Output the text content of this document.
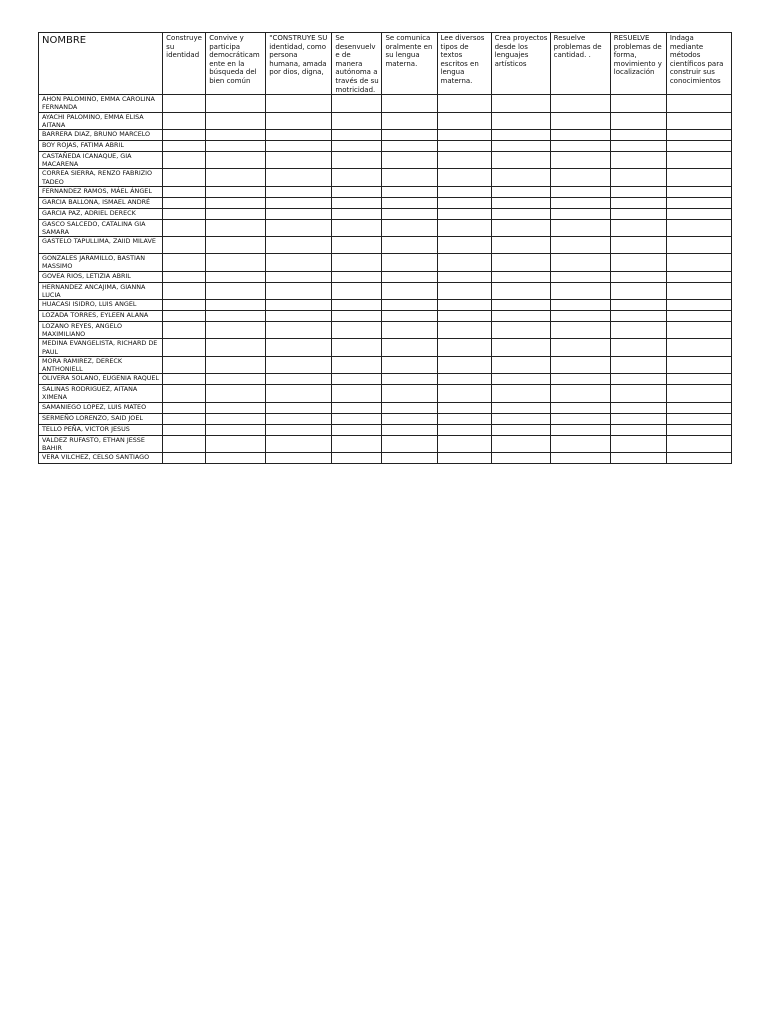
NOMBRE	Construye su identidad	Convive y participa democráticamente en la búsqueda del bien común	"CONSTRUYE SU identidad, como persona humana, amada por dios, digna,	Se desenvuelve de manera autónoma a través de su motricidad.	Se comunica oralmente en su lengua materna.	Lee diversos tipos de textos escritos en lengua materna.	Crea proyectos desde los lenguajes artísticos	Resuelve problemas de cantidad. .	RESUELVE problemas de forma, movimiento y localización	Indaga mediante métodos científicos para construir sus conocimientos

AHON PALOMINO, EMMA CAROLINA FERNANDA										
AYACHI PALOMINO, EMMA ELISA AITANA										
BARRERA DIAZ, BRUNO MARCELO										
BOY ROJAS, FATIMA ABRIL										
CASTAÑEDA ICANAQUE, GIA MACARENA										
CORREA SIERRA, RENZO FABRIZIO TADEO										
FERNANDEZ RAMOS, MÁEL ÁNGEL										
GARCIA BALLONA, ISMAEL ANDRÉ										
GARCIA PAZ, ADRIEL DERECK										
GASCO SALCEDO, CATALINA GIA SAMARA										
GASTELO TAPULLIMA, ZAIID MILAVE										
GONZALES JARAMILLO, BASTIAN MASSIMO										
GOVEA RIOS, LETIZIA ABRIL										
HERNANDEZ ANCAJIMA, GIANNA LUCIA										
HUACASI ISIDRO, LUIS ANGEL										
LOZADA TORRES, EYLEEN ALANA										
LOZANO REYES, ANGELO MAXIMILIANO										
MEDINA EVANGELISTA, RICHARD DE PAUL										
MORA RAMIREZ, DERECK ANTHONIELL										
OLIVERA SOLANO, EUGENIA RAQUEL										
SALINAS RODRIGUEZ, AITANA XIMENA										
SAMANIEGO LOPEZ, LUIS MATEO										
SERMEÑO LORENZO, SAID JOEL										
TELLO PEÑA, VICTOR JESUS										
VALDEZ RUFASTO, ETHAN JESSE BAHIR										
VERA VILCHEZ, CELSO SANTIAGO										
